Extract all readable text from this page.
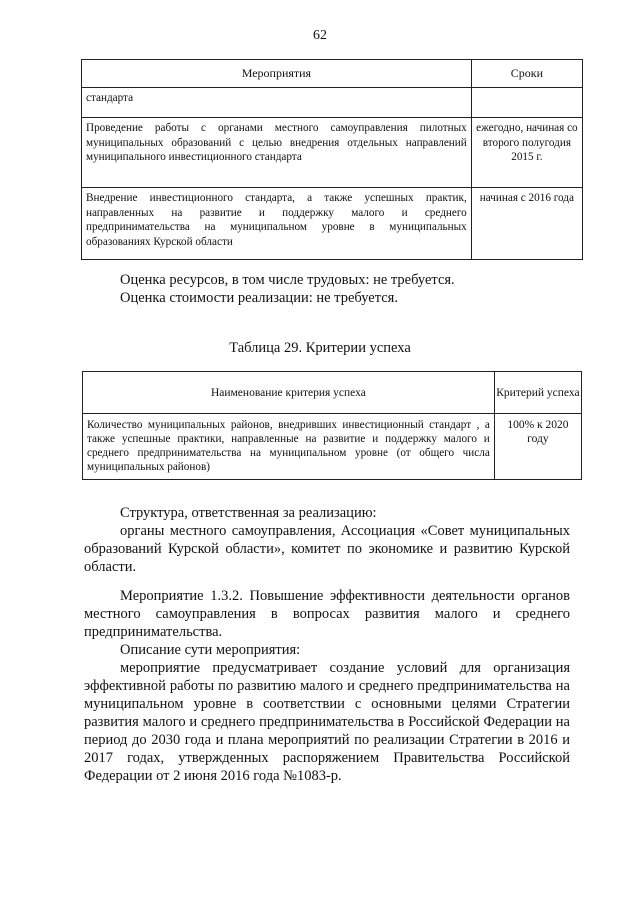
62
Мероприятия	Сроки
стандарта	
Проведение работы с органами местного самоуправления пилотных муниципальных образований с целью внедрения отдельных направлений муниципального инвестиционного стандарта	ежегодно, начиная со второго полугодия 2015 г.
Внедрение инвестиционного стандарта, а также успешных практик, направленных на развитие и поддержку малого и среднего предпринимательства на муниципальном уровне в муниципальных образованиях Курской области	начиная с 2016 года

Оценка ресурсов, в том числе трудовых: не требуется.

Оценка стоимости реализации: не требуется.

Таблица 29. Критерии успеха
Наименование критерия успеха	Критерий успеха
Количество муниципальных районов, внедривших инвестиционный стандарт , а также успешные практики, направленные на развитие и поддержку малого и среднего предпринимательства на муниципальном уровне (от общего числа муниципальных районов)	100% к 2020 году

Структура, ответственная за реализацию:

органы местного самоуправления, Ассоциация «Совет муниципальных образований Курской области», комитет по экономике и развитию Курской области.

Мероприятие 1.3.2. Повышение эффективности деятельности органов местного самоуправления в вопросах развития малого и среднего предпринимательства.

Описание сути мероприятия:

мероприятие предусматривает создание условий для организация эффективной работы по развитию малого и среднего предпринимательства на муниципальном уровне в соответствии с основными целями Стратегии развития малого и среднего предпринимательства в Российской Федерации на период до 2030 года и плана мероприятий по реализации Стратегии в 2016 и 2017 годах, утвержденных распоряжением Правительства Российской Федерации от 2 июня 2016 года №1083-р.
